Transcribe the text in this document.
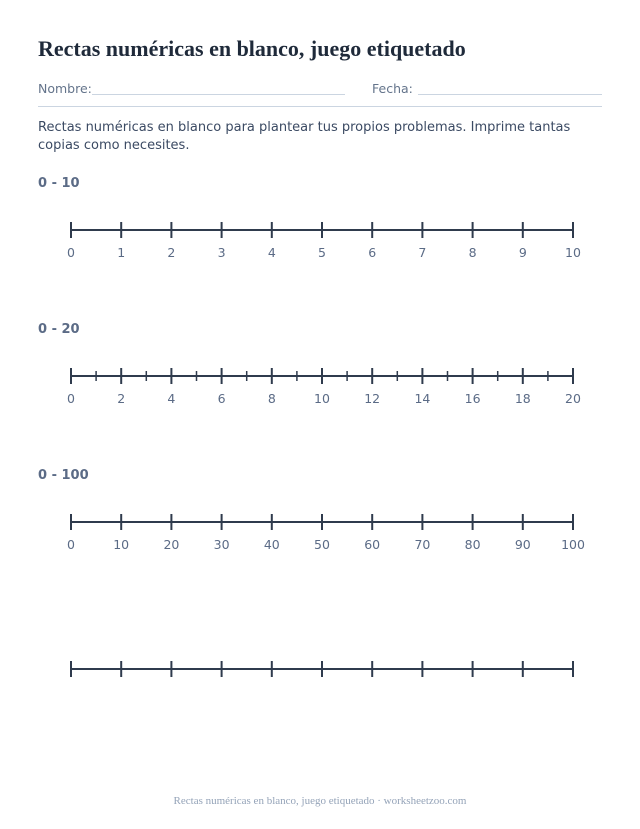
Rectas numéricas en blanco, juego etiquetado
Nombre:	Fecha:

Rectas numéricas en blanco para plantear tus propios problemas. Imprime tantas copias como necesites.

0 - 10
0	1	2	3	4	5	6	7	8	9	10
0 - 20
0	2	4	6	8	10	12	14	16	18	20
0 - 100
0	10	20	30	40	50	60	70	80	90 100
Rectas numéricas en blanco, juego etiquetado · worksheetzoo.com
